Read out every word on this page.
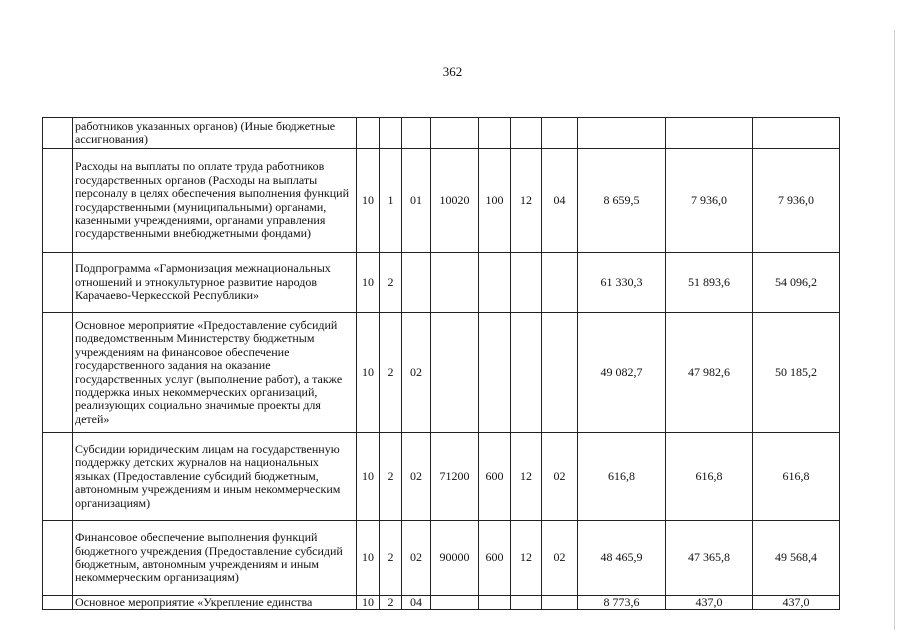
362
	работников указанных органов) (Иные бюджетные ассигнования)										
	Расходы на выплаты по оплате труда работников государственных органов (Расходы на выплаты персоналу в целях обеспечения выполнения функций государственными (муниципальными) органами, казенными учреждениями, органами управления государственными внебюджетными фондами)	10	1	01	10020	100	12	04	8 659,5	7 936,0	7 936,0
	Подпрограмма «Гармонизация межнациональных отношений и этнокультурное развитие народов Карачаево-Черкесской Республики»	10	2						61 330,3	51 893,6	54 096,2
	Основное мероприятие «Предоставление субсидий подведомственным Министерству бюджетным учреждениям на финансовое обеспечение государственного задания на оказание государственных услуг (выполнение работ), а также поддержка иных некоммерческих организаций, реализующих социально значимые проекты для детей»	10	2	02					49 082,7	47 982,6	50 185,2
	Субсидии юридическим лицам на государственную поддержку детских журналов на национальных языках (Предоставление субсидий бюджетным, автономным учреждениям и иным некоммерческим организациям)	10	2	02	71200	600	12	02	616,8	616,8	616,8
	Финансовое обеспечение выполнения функций бюджетного учреждения (Предоставление субсидий бюджетным, автономным учреждениям и иным некоммерческим организациям)	10	2	02	90000	600	12	02	48 465,9	47 365,8	49 568,4
	Основное мероприятие «Укрепление единства	10	2	04					8 773,6	437,0	437,0
